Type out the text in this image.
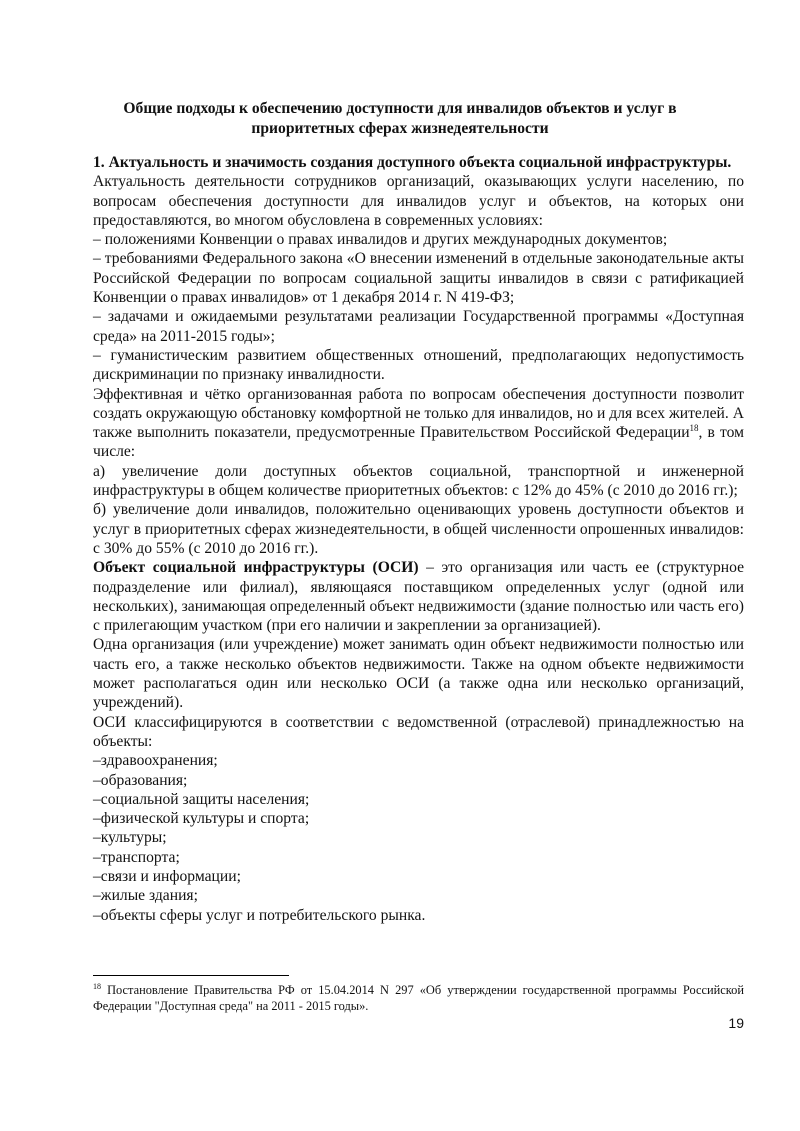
Общие подходы к обеспечению доступности для инвалидов объектов и услуг в приоритетных сферах жизнедеятельности

1. Актуальность и значимость создания доступного объекта социальной инфраструктуры.

Актуальность деятельности сотрудников организаций, оказывающих услуги населению, по вопросам обеспечения доступности для инвалидов услуг и объектов, на которых они предоставляются, во многом обусловлена в современных условиях:

– положениями Конвенции о правах инвалидов и других международных документов;

– требованиями Федерального закона «О внесении изменений в отдельные законодательные акты Российской Федерации по вопросам социальной защиты инвалидов в связи с ратификацией Конвенции о правах инвалидов» от 1 декабря 2014 г. N 419-ФЗ;

– задачами и ожидаемыми результатами реализации Государственной программы «Доступная среда» на 2011-2015 годы»;

– гуманистическим развитием общественных отношений, предполагающих недопустимость дискриминации по признаку инвалидности.

Эффективная и чётко организованная работа по вопросам обеспечения доступности позволит создать окружающую обстановку комфортной не только для инвалидов, но и для всех жителей. А также выполнить показатели, предусмотренные Правительством Российской Федерации$^{18}$, в том числе:

а) увеличение доли доступных объектов социальной, транспортной и инженерной инфраструктуры в общем количестве приоритетных объектов: с 12% до 45% (с 2010 до 2016 гг.);

б) увеличение доли инвалидов, положительно оценивающих уровень доступности объектов и услуг в приоритетных сферах жизнедеятельности, в общей численности опрошенных инвалидов: с 30% до 55% (с 2010 до 2016 гг.).

Объект социальной инфраструктуры (ОСИ) – это организация или часть ее (структурное подразделение или филиал), являющаяся поставщиком определенных услуг (одной или нескольких), занимающая определенный объект недвижимости (здание полностью или часть его) с прилегающим участком (при его наличии и закреплении за организацией).

Одна организация (или учреждение) может занимать один объект недвижимости полностью или часть его, а также несколько объектов недвижимости. Также на одном объекте недвижимости может располагаться один или несколько ОСИ (а также одна или несколько организаций, учреждений).

ОСИ классифицируются в соответствии с ведомственной (отраслевой) принадлежностью на объекты:

–здравоохранения;
–образования;
–социальной защиты населения;
–физической культуры и спорта;
–культуры;
–транспорта;
–связи и информации;
–жилые здания;
–объекты сферы услуг и потребительского рынка.
$^{18}$ Постановление Правительства РФ от 15.04.2014 N 297 «Об утверждении государственной программы Российской Федерации "Доступная среда" на 2011 - 2015 годы».
19
